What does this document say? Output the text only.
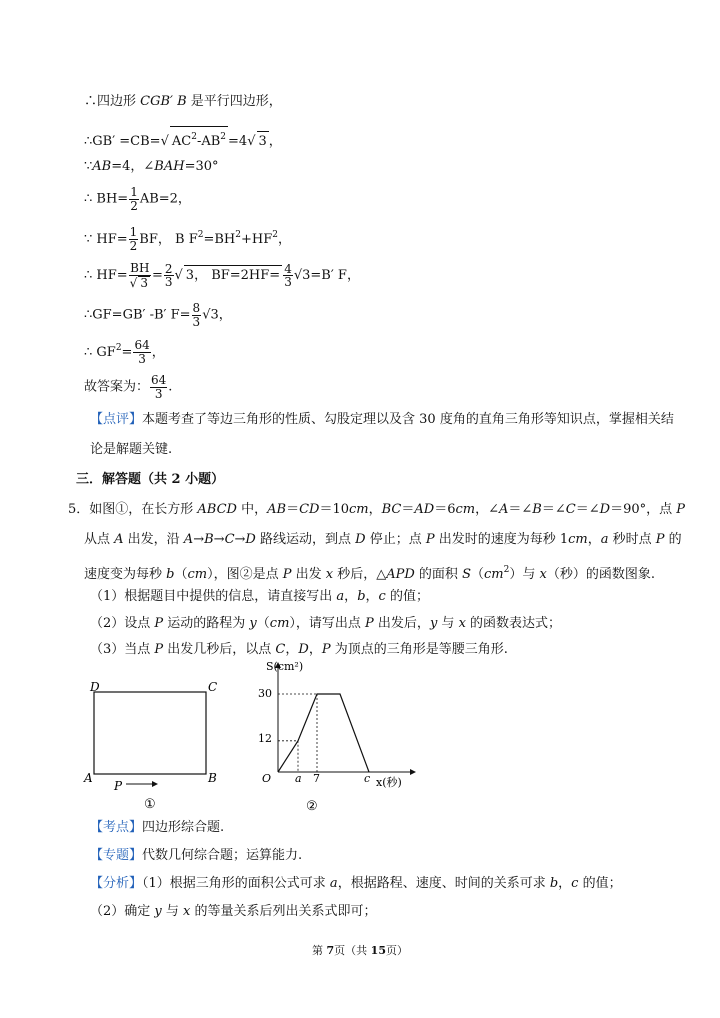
∴四边形 CGB′ B 是平行四边形，
∴GB′ =CB=√ $AC^2-AB^2 =4√$ 3 ，
∵AB=4，∠BAH=30°
∴ $BH= \frac{1}{2} AB=2$，
∵ $HF= \frac{1}{2}$ BF， B $F^2=BH^2+HF^2$，
∴ $HF= \frac{BH}{√ 3} = \frac{2}{3}$ √ 3， $BF=2HF= \frac{4}{3} √3=B'$ F，
∴GF=GB′ -B′ $F= \frac{8}{3} √3$，
∴ $GF^2= \frac{64}{3}$ ，
故答案为： $\frac{64}{3}$ .
【点评】本题考查了等边三角形的性质、勾股定理以及含 30 度角的直角三角形等知识点，掌握相关结
论是解题关键.
三．解答题（共 2 小题）
5．如图①，在长方形 ABCD 中，AB＝CD＝10cm，BC＝AD＝6cm，∠A＝∠B＝∠C＝∠D＝90°，点 P
从点 A 出发，沿 A→B→C→D 路线运动，到点 D 停止；点 P 出发时的速度为每秒 1cm，a 秒时点 P 的
速度变为每秒 b（cm），图②是点 P 出发 x 秒后，△APD 的面积 $S(cm^2)$与 x（秒）的函数图象.
（1）根据题目中提供的信息，请直接写出 a，b，c 的值；
（2）设点 P 运动的路程为 y（cm），请写出点 P 出发后，y 与 x 的函数表达式；
（3）当点 P 出发几秒后，以点 C，D，P 为顶点的三角形是等腰三角形.
D	C
A	B
P
①
S(cm²)
30
12
O a 7	c x(秒)
②
【考点】四边形综合题.
【专题】代数几何综合题；运算能力.
【分析】（1）根据三角形的面积公式可求 a，根据路程、速度、时间的关系可求 b，c 的值；
（2）确定 y 与 x 的等量关系后列出关系式即可；
第 7页（共 15页）
